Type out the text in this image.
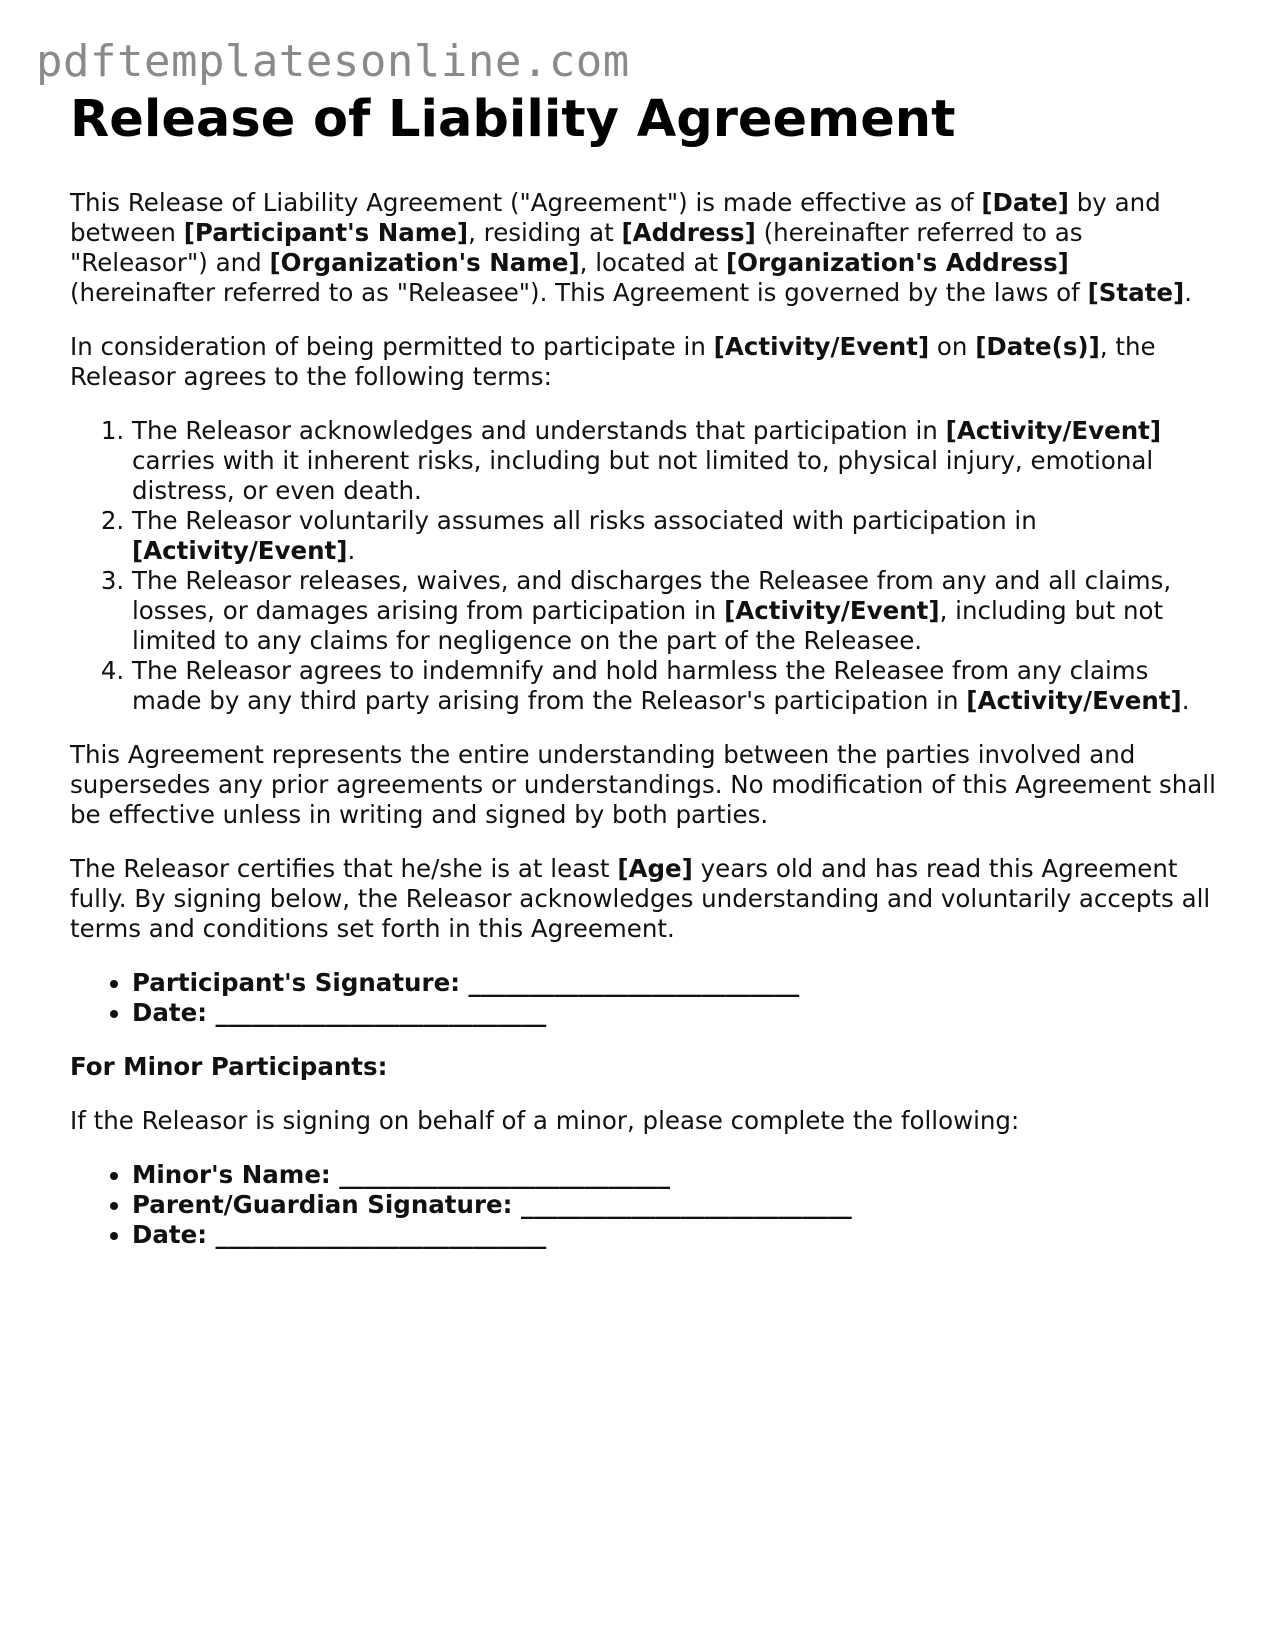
pdftemplatesonline.com
Release of Liability Agreement

This Release of Liability Agreement ("Agreement") is made effective as of [Date] by and between [Participant's Name], residing at [Address] (hereinafter referred to as "Releasor") and [Organization's Name], located at [Organization's Address] (hereinafter referred to as "Releasee"). This Agreement is governed by the laws of [State].

In consideration of being permitted to participate in [Activity/Event] on [Date(s)], the Releasor agrees to the following terms:

1. The Releasor acknowledges and understands that participation in [Activity/Event] carries with it inherent risks, including but not limited to, physical injury, emotional distress, or even death.
2. The Releasor voluntarily assumes all risks associated with participation in [Activity/Event].
3. The Releasor releases, waives, and discharges the Releasee from any and all claims, losses, or damages arising from participation in [Activity/Event], including but not limited to any claims for negligence on the part of the Releasee.
4. The Releasor agrees to indemnify and hold harmless the Releasee from any claims made by any third party arising from the Releasor's participation in [Activity/Event].

This Agreement represents the entire understanding between the parties involved and supersedes any prior agreements or understandings. No modification of this Agreement shall be effective unless in writing and signed by both parties.

The Releasor certifies that he/she is at least [Age] years old and has read this Agreement fully. By signing below, the Releasor acknowledges understanding and voluntarily accepts all terms and conditions set forth in this Agreement.

• Participant's Signature: ___________________________
• Date: ___________________________

For Minor Participants:

If the Releasor is signing on behalf of a minor, please complete the following:

• Minor's Name: ___________________________
• Parent/Guardian Signature: ___________________________
• Date: ___________________________
